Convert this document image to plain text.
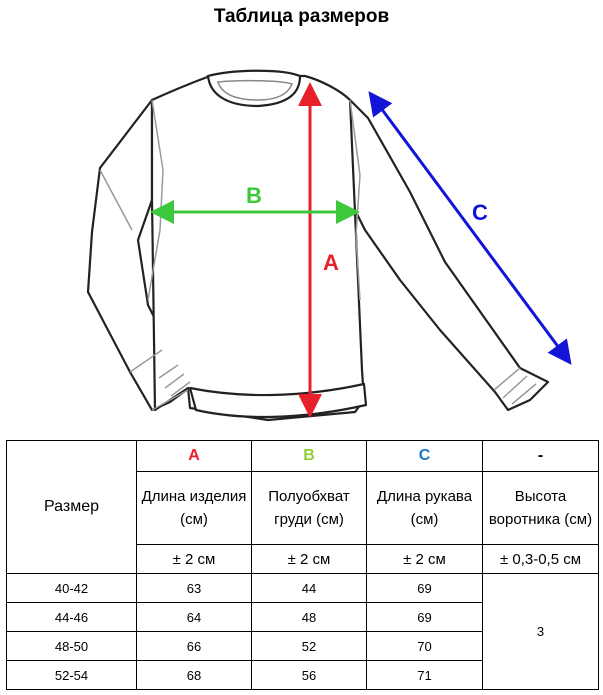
Таблица размеров
A
B
C
Размер	A	B	C	-
	Длина изделия (см)	Полуобхват груди (см)	Длина рукава (см)	Высота воротника (см)
	± 2 см	± 2 см	± 2 см	± 0,3-0,5 см
40-42	63	44	69	3
44-46	64	48	69	
48-50	66	52	70	
52-54	68	56	71	
